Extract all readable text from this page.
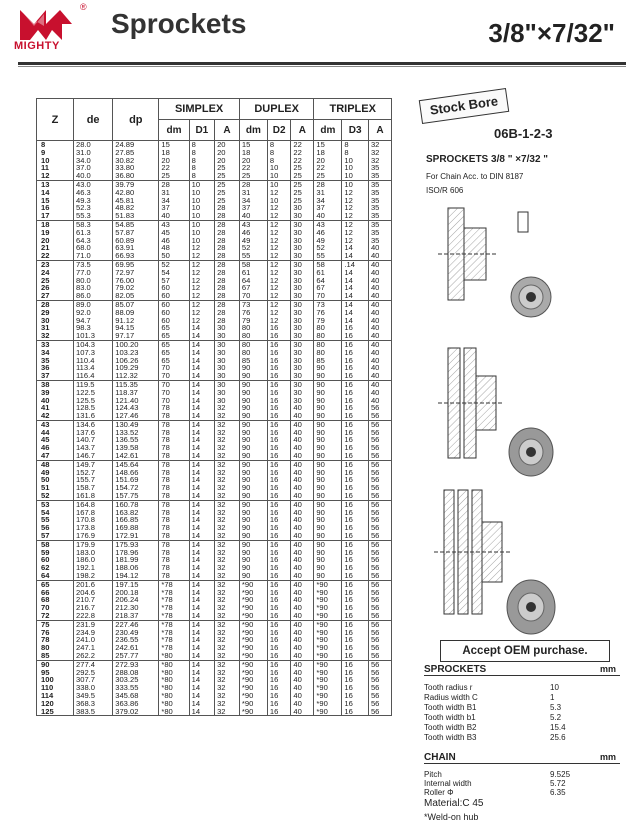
®
MIGHTY
Sprockets	3/8"×7/32"
Z	de	dp	SIMPLEX			DUPLEX			TRIPLEX		
			dm	D1	A	dm	D2	A	dm	D3	A
8	28.0	24.89	15	8	20	15	8	22	15	8	32
9	31.0	27.85	18	8	20	18	8	22	18	8	32
10	34.0	30.82	20	8	20	20	8	22	20	10	32
11	37.0	33.80	22	8	25	22	10	25	22	10	35
12	40.0	36.80	25	8	25	25	10	25	25	10	35
13	43.0	39.79	28	10	25	28	10	25	28	10	35
14	46.3	42.80	31	10	25	31	12	25	31	12	35
15	49.3	45.81	34	10	25	34	10	25	34	12	35
16	52.3	48.82	37	10	28	37	12	30	37	12	35
17	55.3	51.83	40	10	28	40	12	30	40	12	35
18	58.3	54.85	43	10	28	43	12	30	43	12	35
19	61.3	57.87	45	10	28	46	12	30	46	12	35
20	64.3	60.89	46	10	28	49	12	30	49	12	35
21	68.0	63.91	48	12	28	52	12	30	52	14	40
22	71.0	66.93	50	12	28	55	12	30	55	14	40
23	73.5	69.95	52	12	28	58	12	30	58	.14	40
24	77.0	72.97	54	12	28	61	12	30	61	14	40
25	80.0	76.00	57	12	28	64	12	30	64	14	40
26	83.0	79.02	60	12	28	67	12	30	67	14	40
27	86.0	82.05	60	12	28	70	12	30	70	14	40
28	89.0	85.07	60	12	28	73	12	30	73	14	40
29	92.0	88.09	60	12	28	76	12	30	76	14	40
30	94.7	91.12	60	12	28	79	12	30	79	14	40
31	98.3	94.15	65	14	30	80	16	30	80	16	40
32	101.3	97.17	65	14	30	80	16	30	80	16	40
33	104.3	100.20	65	14	30	80	16	30	80	16	40
34	107.3	103.23	65	14	30	80	16	30	80	16	40
35	110.4	106.26	65	14	30	85	16	30	85	16	40
36	113.4	109.29	70	14	30	90	16	30	90	16	40
37	116.4	112.32	70	14	30	90	16	30	90	16	40
38	119.5	115.35	70	14	30	90	16	30	90	16	40
39	122.5	118.37	70	14	30	90	16	30	90	16	40
40	125.5	121.40	70	14	30	90	16	30	90	16	40
41	128.5	124.43	78	14	32	90	16	40	90	16	56
42	131.6	127.46	78	14	32	90	16	40	90	16	56
43	134.6	130.49	78	14	32	90	16	40	90	16	56
44	137.6	133.52	78	14	32	90	16	40	90	16	56
45	140.7	136.55	78	14	32	90	16	40	90	16	56
46	143.7	139.58	78	14	32	90	16	40	90	16	56
47	146.7	142.61	78	14	32	90	16	40	90	16	56
48	149.7	145.64	78	14	32	90	16	40	90	16	56
49	152.7	148.66	78	14	32	90	16	40	90	16	56
50	155.7	151.69	78	14	32	90	16	40	90	16	56
51	158.7	154.72	78	14	32	90	16	40	90	16	56
52	161.8	157.75	78	14	32	90	16	40	90	16	56
53	164.8	160.78	78	14	32	90	16	40	90	16	56
54	167.8	163.82	78	14	32	90	16	40	90	16	56
55	170.8	166.85	78	14	32	90	16	40	90	16	56
56	173.8	169.88	78	14	32	90	16	40	90	16	56
57	176.9	172.91	78	14	32	90	16	40	90	16	56
58	179.9	175.93	78	14	32	90	16	40	90	16	56
59	183.0	178.96	78	14	32	90	16	40	90	16	56
60	186.0	181.99	78	14	32	90	16	40	90	16	56
62	192.1	188.06	78	14	32	90	16	40	90	16	56
64	198.2	194.12	78	14	32	90	16	40	90	16	56
65	201.6	197.15	*78	14	32	*90	16	40	*90	16	56
66	204.6	200.18	*78	14	32	*90	16	40	*90	16	56
68	210.7	206.24	*78	14	32	*90	16	40	*90	16	56
70	216.7	212.30	*78	14	32	*90	16	40	*90	16	56
72	222.8	218.37	*78	14	32	*90	16	40	*90	16	56
75	231.9	227.46	*78	14	32	*90	16	40	*90	16	56
76	234.9	230.49	*78	14	32	*90	16	40	*90	16	56
78	241.0	236.55	*78	14	32	*90	16	40	*90	16	56
80	247.1	242.61	*78	14	32	*90	16	40	*90	16	56
85	262.2	257.77	*80	14	32	*90	16	40	*90	16	56
90	277.4	272.93	*80	14	32	*90	16	40	*90	16	56
95	292.5	288.08	*80	14	32	*90	16	40	*90	16	56
100	307.7	303.25	*80	14	32	*90	16	40	*90	16	56
110	338.0	333.55	*80	14	32	*90	16	40	*90	16	56
114	349.5	345.68	*80	14	32	*90	16	40	*90	16	56
120	368.3	363.86	*80	14	32	*90	16	40	*90	16	56
125	383.5	379.02	*80	14	32	*90	16	40	*90	16	56
Stock Bore
06B-1-2-3
SPROCKETS 3/8 " ×7/32 "
For Chain Acc. to DIN 8187
ISO/R 606
Accept OEM purchase.
SPROCKETS	mm
Tooth radius r	10
Radius width C	1
Tooth width B1	5.3
Tooth width b1	5.2
Tooth width B2	15.4
Tooth width B3	25.6
CHAIN	mm
Pitch	9.525
Internal width	5.72
Roller Φ	6.35
Material:C 45
*Weld-on hub
